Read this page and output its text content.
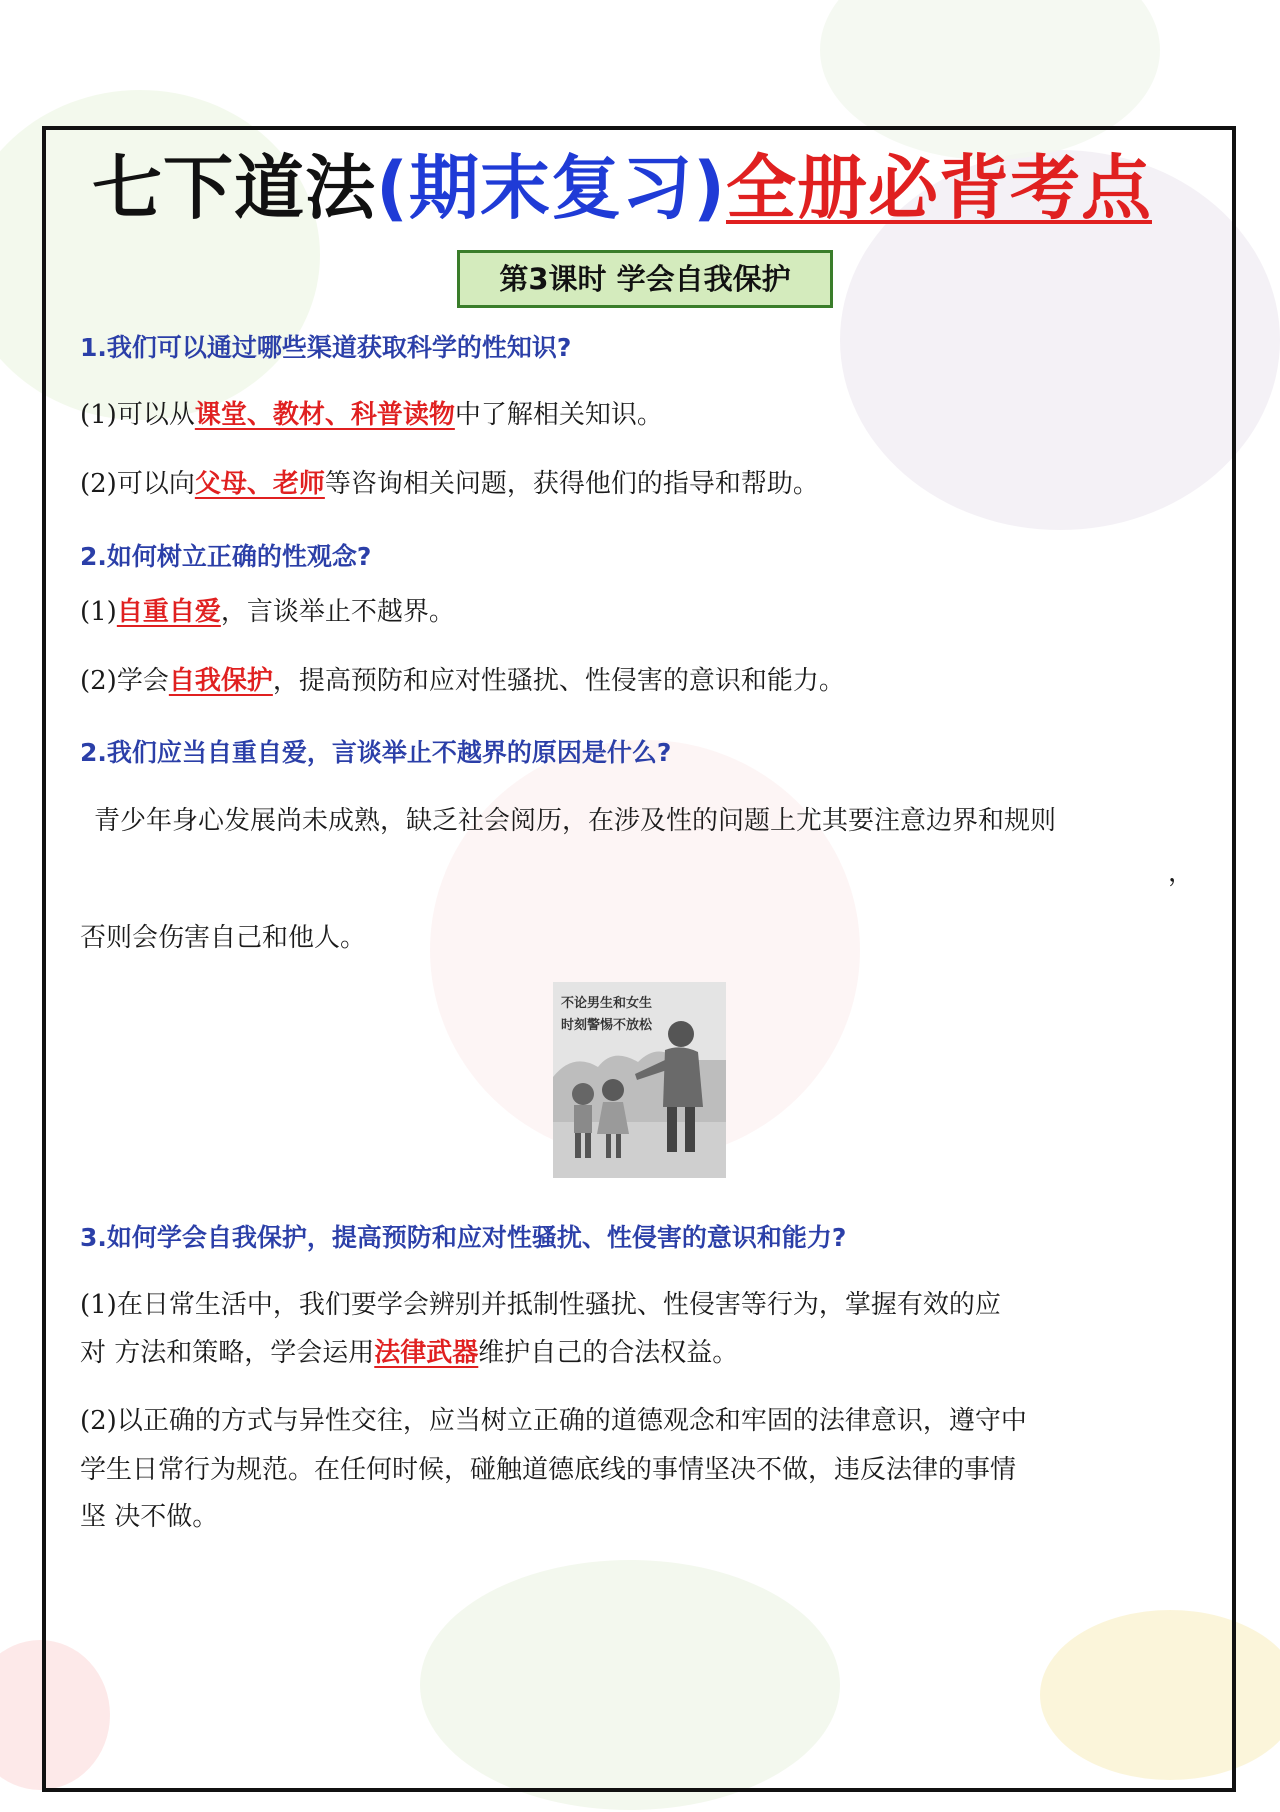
七下道法(期末复习)全册必背考点
第3课时 学会自我保护

1.我们可以通过哪些渠道获取科学的性知识?

(1)可以从课堂、教材、科普读物中了解相关知识。

(2)可以向父母、老师等咨询相关问题，获得他们的指导和帮助。

2.如何树立正确的性观念?

(1)自重自爱，言谈举止不越界。

(2)学会自我保护，提高预防和应对性骚扰、性侵害的意识和能力。

2.我们应当自重自爱，言谈举止不越界的原因是什么?

青少年身心发展尚未成熟，缺乏社会阅历，在涉及性的问题上尤其要注意边界和规则

，

否则会伤害自己和他人。

不论男生和女生
时刻警惕不放松

3.如何学会自我保护，提高预防和应对性骚扰、性侵害的意识和能力?

(1)在日常生活中，我们要学会辨别并抵制性骚扰、性侵害等行为，掌握有效的应

对 方法和策略，学会运用法律武器维护自己的合法权益。

(2)以正确的方式与异性交往，应当树立正确的道德观念和牢固的法律意识，遵守中

学生日常行为规范。在任何时候，碰触道德底线的事情坚决不做，违反法律的事情

坚 决不做。
